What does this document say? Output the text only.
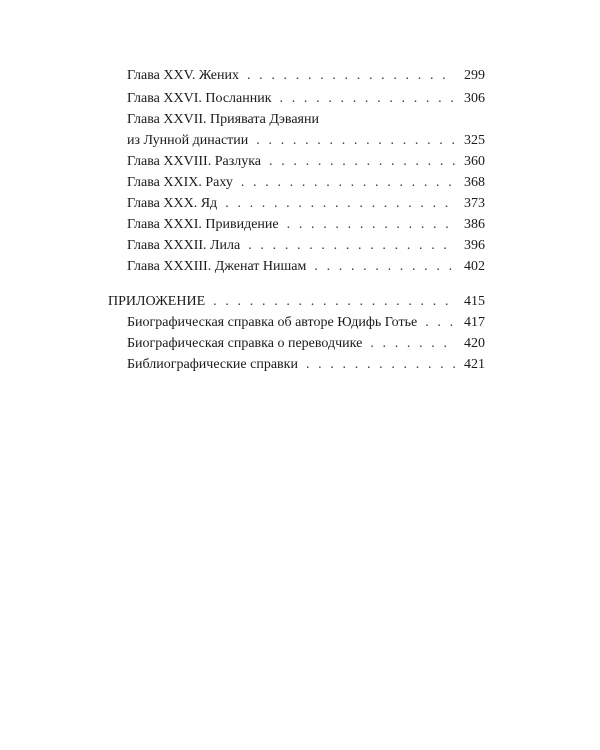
Глава XXV. Жених . . .	299
Глава XXVI. Посланник . . .	306
Глава XXVII. Приявата Дэваяни
из Лунной династии . . .	325
Глава XXVIII. Разлука . . .	360
Глава XXIX. Раху . . .	368
Глава XXX. Яд . . .	373
Глава XXXI. Привидение . . .	386
Глава XXXII. Лила . . .	396
Глава XXXIII. Дженат Нишам . . .	402
ПРИЛОЖЕНИЕ . . .	415
Биографическая справка об авторе Юдифь Готье . . .	417
Биографическая справка о переводчике . . .	420
Библиографические справки . . .	421
